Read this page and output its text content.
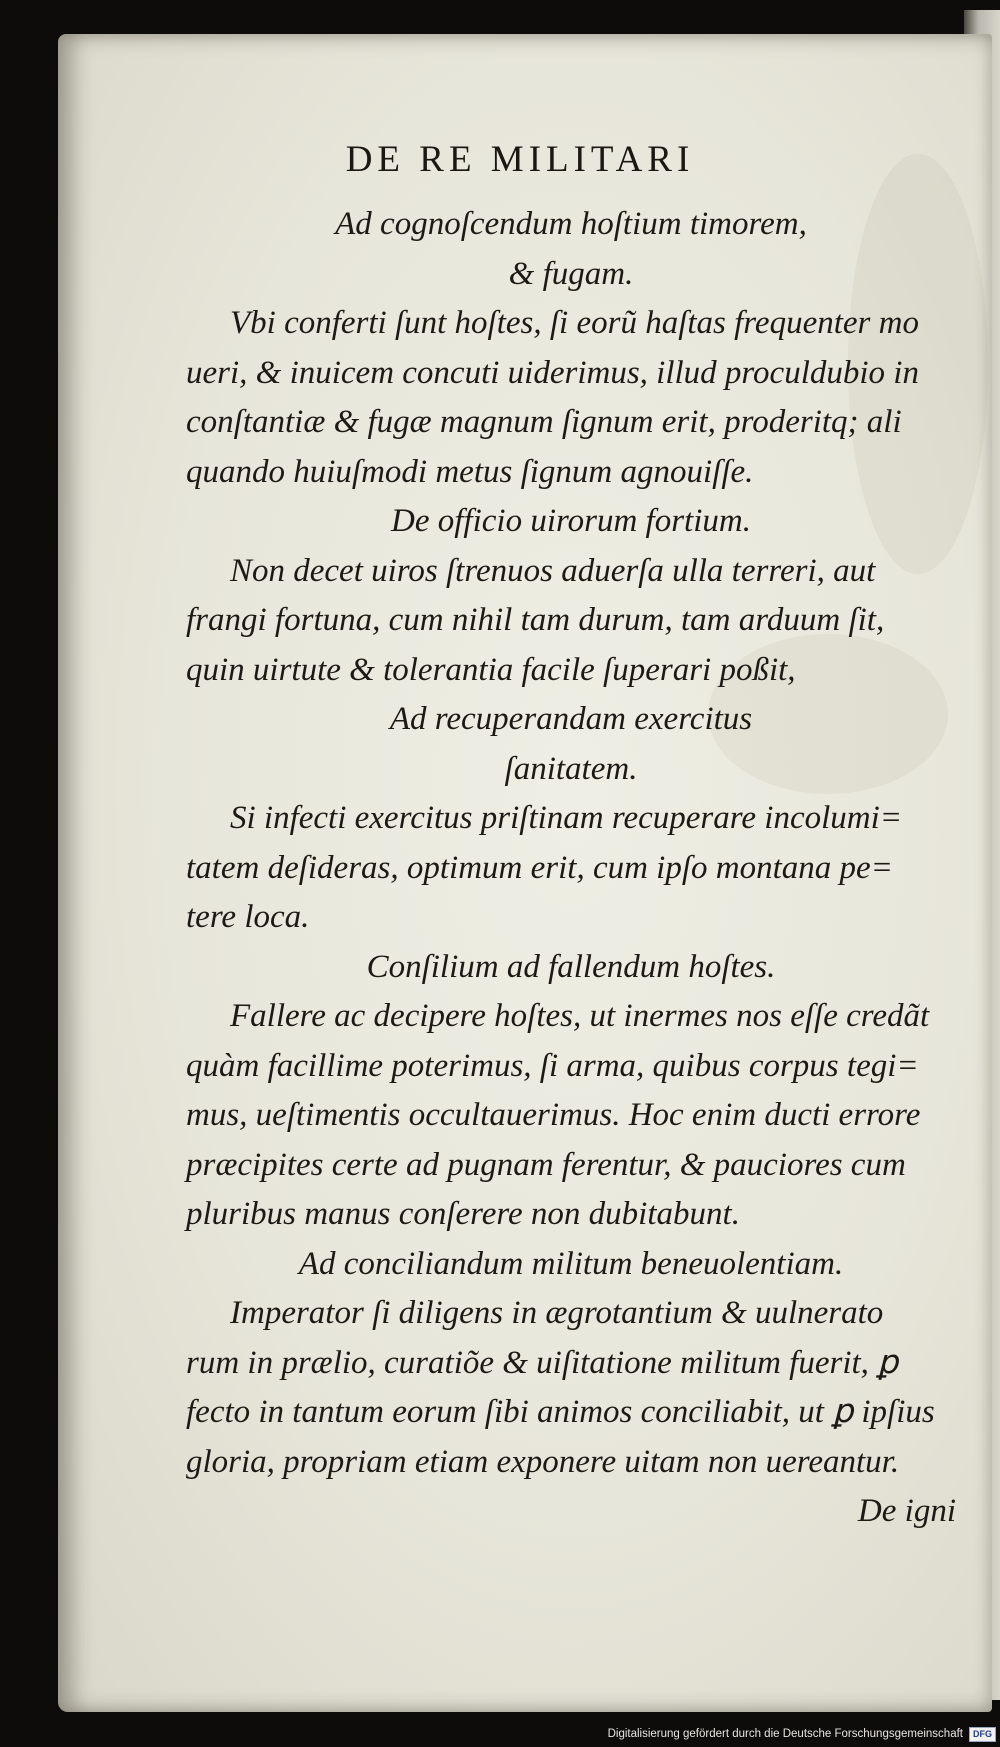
DE RE MILITARI
Ad cognoſcendum hoſtium timorem,
& fugam.
Vbi conferti ſunt hoſtes, ſi eorũ haſtas frequenter mo
ueri, & inuicem concuti uiderimus, illud proculdubio in
conſtantiæ & fugæ magnum ſignum erit, proderitq; ali
quando huiuſmodi metus ſignum agnouiſſe.
De officio uirorum fortium.
Non decet uiros ſtrenuos aduerſa ulla terreri, aut
frangi fortuna, cum nihil tam durum, tam arduum ſit,
quin uirtute & tolerantia facile ſuperari poßit,
Ad recuperandam exercitus
ſanitatem.
Si infecti exercitus priſtinam recuperare incolumi=
tatem deſideras, optimum erit, cum ipſo montana pe=
tere loca.
Conſilium ad fallendum hoſtes.
Fallere ac decipere hoſtes, ut inermes nos eſſe credãt
quàm facillime poterimus, ſi arma, quibus corpus tegi=
mus, ueſtimentis occultauerimus. Hoc enim ducti errore
præcipites certe ad pugnam ferentur, & pauciores cum
pluribus manus conſerere non dubitabunt.
Ad conciliandum militum beneuolentiam.
Imperator ſi diligens in ægrotantium & uulnerato
rum in prælio, curatiõe & uiſitatione militum fuerit, ꝑ
fecto in tantum eorum ſibi animos conciliabit, ut ꝑ ipſius
gloria, propriam etiam exponere uitam non uereantur.
De igni
Digitalisierung gefördert durch die Deutsche Forschungsgemeinschaft	DFG
